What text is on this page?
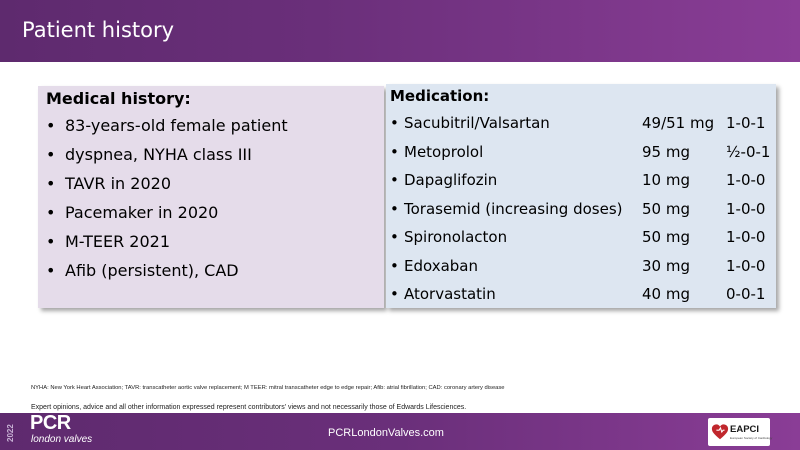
Patient history
Medical history:
• 83-years-old female patient
• dyspnea, NYHA class III
• TAVR in 2020
• Pacemaker in 2020
• M-TEER 2021
• Afib (persistent), CAD
Medication:
• Sacubitril/Valsartan	49/51 mg 1-0-1
• Metoprolol	95 mg ½-0-1
• Dapaglifozin	10 mg 1-0-0
• Torasemid (increasing doses) 50 mg 1-0-0
• Spironolacton	50 mg 1-0-0
• Edoxaban	30 mg 1-0-0
• Atorvastatin	40 mg 0-0-1
NYHA: New York Heart Association; TAVR: transcatheter aortic valve replacement; M TEER: mitral transcatheter edge to edge repair; Afib: atrial fibrillation; CAD: coronary artery disease
Expert opinions, advice and all other information expressed represent contributors' views and not necessarily those of Edwards Lifesciences.
2022 PCR
london valves
PCRLondonValves.com	EAPCI
European Society of Cardiology
